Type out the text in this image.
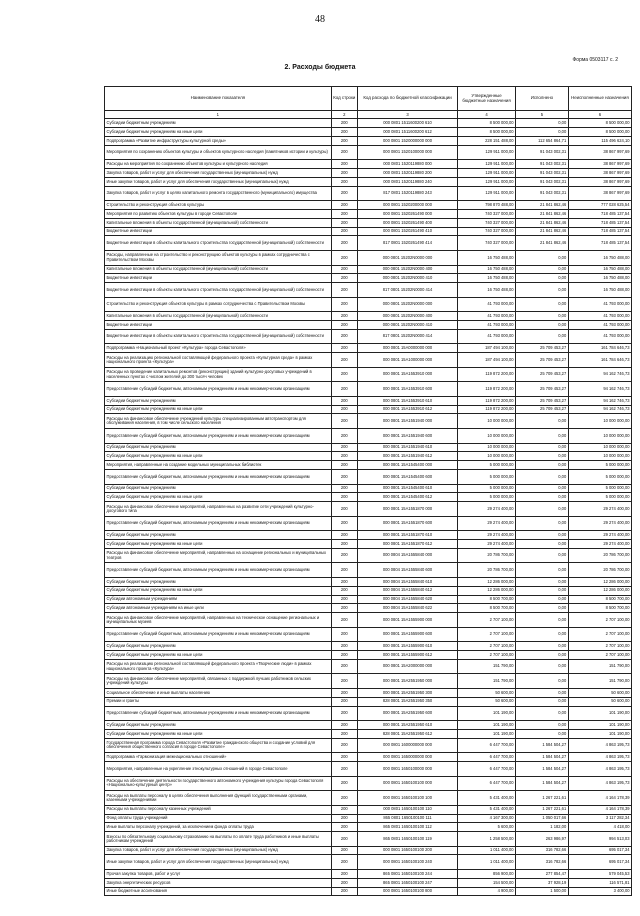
48
Форма 0503117 с. 2
2. Расходы бюджета
Наименование показателя	Код строки	Код расхода по бюджетной классификации	Утвержденные бюджетные назначения	Исполнено	Неисполненные назначения
1	2	3	4	5	6
Субсидии бюджетным учреждениям	200	000 0801 1511600200 610	8 500 000,00	0,00	8 500 000,00
Субсидии бюджетным учреждениям на иные цели	200	000 0801 1511600200 612	8 500 000,00	0,00	8 500 000,00
Подпрограмма «Развитие инфраструктуры культурной среды»	200	000 0801 1520000000 000	228 151 488,00	112 654 864,71	115 496 624,10
Мероприятия по сохранению объектов культуры и объектов культурного наследия (памятников истории и культуры)	200	000 0801 1520100000 000	129 911 000,00	91 043 002,31	38 867 997,69
Расходы на мероприятия по сохранению объектов культуры и культурного наследия	200	000 0801 1520119880 000	129 911 000,00	91 043 002,31	38 867 997,69
Закупка товаров, работ и услуг для обеспечения государственных (муниципальных) нужд	200	000 0801 1520119880 200	129 911 000,00	91 043 002,31	38 867 997,69
Иные закупки товаров, работ и услуг для обеспечения государственных (муниципальных) нужд	200	000 0801 1520119880 240	129 911 000,00	91 043 002,31	38 867 997,69
Закупка товаров, работ и услуг в целях капитального ремонта государственного (муниципального) имущества	200	817 0801 1520119880 243	129 911 000,00	91 043 002,31	38 867 997,69
Строительство и реконструкция объектов культуры	200	000 0801 1520200000 000	798 870 488,00	21 841 862,46	777 028 625,54
Мероприятия по развитию объектов культуры в городе Севастополе	200	000 0801 1520261490 000	740 327 000,00	21 841 862,46	718 485 137,54
Капитальные вложения в объекты государственной (муниципальной) собственности	200	000 0801 1520261490 400	740 327 000,00	21 841 862,46	718 485 137,54
Бюджетные инвестиции	200	000 0801 1520261490 410	740 327 000,00	21 841 862,46	718 485 137,54
Бюджетные инвестиции в объекты капитального строительства государственной (муниципальной) собственности	200	817 0801 1520261490 414	740 327 000,00	21 841 862,46	718 485 137,54
Расходы, направленные на строительство и реконструкцию объектов культуры в рамках сотрудничества с Правительством Москвы	200	000 0801 15202N0000 000	16 750 488,00	0,00	16 750 488,00
Капитальные вложения в объекты государственной (муниципальной) собственности	200	000 0801 15202N0000 400	16 750 488,00	0,00	16 750 488,00
Бюджетные инвестиции	200	000 0801 15202N0000 410	16 750 488,00	0,00	16 750 488,00
Бюджетные инвестиции в объекты капитального строительства государственной (муниципальной) собственности	200	817 0801 15202N0000 414	16 750 488,00	0,00	16 750 488,00
Строительство и реконструкция объектов культуры в рамках сотрудничества с Правительством Москвы	200	000 0801 15202N0000 000	41 793 000,00	0,00	41 793 000,00
Капитальные вложения в объекты государственной (муниципальной) собственности	200	000 0801 15202N0000 400	41 793 000,00	0,00	41 793 000,00
Бюджетные инвестиции	200	000 0801 15202N0000 410	41 793 000,00	0,00	41 793 000,00
Бюджетные инвестиции в объекты капитального строительства государственной (муниципальной) собственности	200	817 0801 15202N0000 414	41 793 000,00	0,00	41 793 000,00
Подпрограмма «Национальный проект «Культура» города Севастополя»	200	000 0801 15A0000000 000	187 494 100,00	25 709 453,27	161 784 646,73
Расходы на реализацию региональной составляющей федерального проекта «Культурная среда» в рамках национального проекта «Культура»	200	000 0801 15A1000000 000	187 494 100,00	25 709 453,27	161 784 646,73
Расходы на проведение капитальных ремонтов (реконструкции) зданий культурно-досуговых учреждений в населенных пунктах с числом жителей до 300 тысяч человек	200	000 0801 15A1553910 000	119 872 200,00	25 709 453,27	94 162 746,73
Предоставление субсидий бюджетным, автономным учреждениям и иным некоммерческим организациям	200	000 0801 15A1553910 600	119 872 200,00	25 709 453,27	94 162 746,73
Субсидии бюджетным учреждениям	200	000 0801 15A1553910 610	119 872 200,00	25 709 453,27	94 162 746,73
Субсидии бюджетным учреждениям на иные цели	200	000 0801 15A1553910 612	119 872 200,00	25 709 453,27	94 162 746,73
Расходы на финансовое обеспечение учреждений культуры специализированным автотранспортом для обслуживания населения, в том числе сельского населения	200	000 0801 15A1551940 000	10 000 000,00	0,00	10 000 000,00
Предоставление субсидий бюджетным, автономным учреждениям и иным некоммерческим организациям	200	000 0801 15A1551940 600	10 000 000,00	0,00	10 000 000,00
Субсидии бюджетным учреждениям	200	000 0801 15A1551940 610	10 000 000,00	0,00	10 000 000,00
Субсидии бюджетным учреждениям на иные цели	200	000 0801 15A1551940 612	10 000 000,00	0,00	10 000 000,00
Мероприятия, направленные на создание модельных муниципальных библиотек	200	000 0801 15A1545400 000	5 000 000,00	0,00	5 000 000,00
Предоставление субсидий бюджетным, автономным учреждениям и иным некоммерческим организациям	200	000 0801 15A1545400 600	5 000 000,00	0,00	5 000 000,00
Субсидии бюджетным учреждениям	200	000 0801 15A1545400 610	5 000 000,00	0,00	5 000 000,00
Субсидии бюджетным учреждениям на иные цели	200	000 0801 15A1545400 612	5 000 000,00	0,00	5 000 000,00
Расходы на финансовое обеспечение мероприятий, направленных на развитие сети учреждений культурно-досугового типа	200	000 0801 15A1551870 000	29 274 400,00	0,00	29 274 400,00
Предоставление субсидий бюджетным, автономным учреждениям и иным некоммерческим организациям	200	000 0801 15A1551870 600	29 274 400,00	0,00	29 274 400,00
Субсидии бюджетным учреждениям	200	000 0801 15A1551870 610	29 274 400,00	0,00	29 274 400,00
Субсидии бюджетным учреждениям на иные цели	200	000 0801 15A1551870 612	29 274 400,00	0,00	29 274 400,00
Расходы на финансовое обеспечение мероприятий, направленных на оснащение региональных и муниципальных театров	200	000 0804 15A1555840 000	20 786 700,00	0,00	20 786 700,00
Предоставление субсидий бюджетным, автономным учреждениям и иным некоммерческим организациям	200	000 0804 15A1555840 600	20 786 700,00	0,00	20 786 700,00
Субсидии бюджетным учреждениям	200	000 0804 15A1555840 610	12 286 000,00	0,00	12 286 000,00
Субсидии бюджетным учреждениям на иные цели	200	000 0804 15A1555840 612	12 286 000,00	0,00	12 286 000,00
Субсидии автономным учреждениям	200	000 0804 15A1555840 620	8 500 700,00	0,00	8 500 700,00
Субсидии автономным учреждениям на иные цели	200	000 0804 15A1555840 622	8 500 700,00	0,00	8 500 700,00
Расходы на финансовое обеспечение мероприятий, направленных на техническое оснащение региональных и муниципальных музеев	200	000 0801 15A1555900 000	2 707 100,00	0,00	2 707 100,00
Предоставление субсидий бюджетным, автономным учреждениям и иным некоммерческим организациям	200	000 0801 15A1555900 600	2 707 100,00	0,00	2 707 100,00
Субсидии бюджетным учреждениям	200	000 0801 15A1555900 610	2 707 100,00	0,00	2 707 100,00
Субсидии бюджетным учреждениям на иные цели	200	000 0801 15A1555900 612	2 707 100,00	0,00	2 707 100,00
Расходы на реализацию региональной составляющей федерального проекта «Творческие люди» в рамках национального проекта «Культура»	200	000 0801 15A2000000 000	151 790,00	0,00	151 790,00
Расходы на финансовое обеспечение мероприятий, связанных с поддержкой лучших работников сельских учреждений культуры	200	000 0801 15A2551950 000	151 790,00	0,00	151 790,00
Социальное обеспечение и иные выплаты населению	200	000 0801 15A2551950 300	50 600,00	0,00	50 600,00
Премии и гранты	200	828 0801 15A2551950 350	50 600,00	0,00	50 600,00
Предоставление субсидий бюджетным, автономным учреждениям и иным некоммерческим организациям	200	000 0801 15A2551950 600	101 190,00	0,00	101 190,00
Субсидии бюджетным учреждениям	200	000 0801 15A2551950 610	101 190,00	0,00	101 190,00
Субсидии бюджетным учреждениям на иные цели	200	828 0801 15A2551950 612	101 190,00	0,00	101 190,00
Государственная программа города Севастополя «Развитие гражданского общества и создание условий для обеспечения общественного согласия в городе Севастополе»	200	000 0801 1600000000 000	6 447 700,00	1 584 504,27	4 863 195,73
Подпрограмма «Гармонизация межнациональных отношений»	200	000 0801 1650000000 000	6 447 700,00	1 584 504,27	4 863 195,73
Мероприятия, направленные на укрепление этнокультурных отношений в городе Севастополе	200	000 0801 1650100000 000	6 447 700,00	1 584 504,27	4 863 195,73
Расходы на обеспечение деятельности государственного автономного учреждения культуры города Севастополя «Национально-культурный центр»	200	000 0801 1650100100 000	6 447 700,00	1 584 504,27	4 863 195,73
Расходы на выплаты персоналу в целях обеспечения выполнения функций государственными органами, казенными учреждениями	200	000 0801 1650100100 100	5 431 400,00	1 267 221,61	4 164 178,39
Расходы на выплаты персоналу казенных учреждений	200	000 0801 1650100100 110	5 431 400,00	1 267 221,61	4 164 178,39
Фонд оплаты труда учреждений	200	865 0801 1650100100 111	4 167 300,00	1 050 017,66	3 117 282,34
Иные выплаты персоналу учреждений, за исключением фонда оплаты труда	200	865 0801 1650100100 112	5 600,00	1 182,00	4 418,00
Взносы по обязательному социальному страхованию на выплаты по оплате труда работников и иные выплаты работникам учреждений	200	865 0801 1650100100 119	1 258 500,00	263 986,97	994 513,03
Закупка товаров, работ и услуг для обеспечения государственных (муниципальных) нужд	200	000 0801 1650100100 200	1 011 400,00	316 782,66	695 017,34
Иные закупки товаров, работ и услуг для обеспечения государственных (муниципальных) нужд	200	000 0801 1650100100 240	1 011 400,00	316 782,66	695 017,34
Прочая закупка товаров, работ и услуг	200	865 0801 1650100100 244	856 900,00	277 854,47	579 045,53
Закупка энергетических ресурсов	200	865 0801 1650100100 247	154 500,00	37 928,19	116 571,81
Иные бюджетные ассигнования	200	000 0801 1650100100 800	4 900,00	1 500,00	3 400,00
